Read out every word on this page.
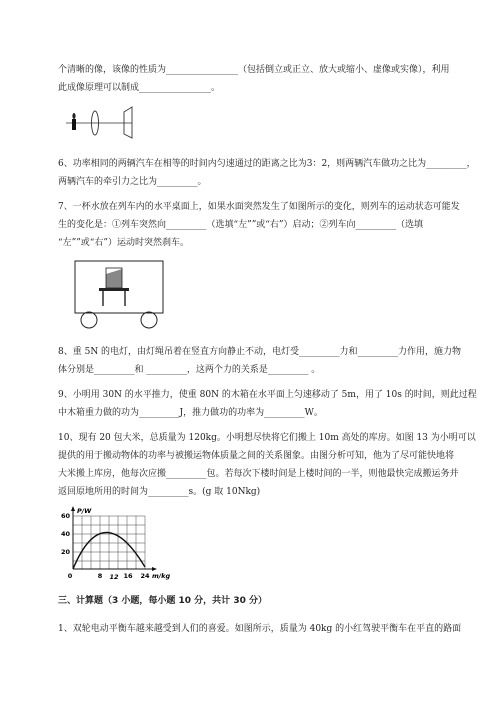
个清晰的像，该像的性质为________________（包括倒立或正立、放大或缩小、虚像或实像），利用
此成像原理可以制成________________。
6、功率相同的两辆汽车在相等的时间内匀速通过的距离之比为3：2，则两辆汽车做功之比为_________，
两辆汽车的牵引力之比为_________。
7、一杯水放在列车内的水平桌面上，如果水面突然发生了如图所示的变化，则列车的运动状态可能发
生的变化是：①列车突然向_________（选填“左””或“右”）启动；②列车向_________（选填
“左””或“右”）运动时突然刹车。
8、重 5N 的电灯，由灯绳吊着在竖直方向静止不动，电灯受_________力和_________力作用，施力物
体分别是_________和 _________，这两个力的关系是_________ 。
9、小明用 30N 的水平推力，使重 80N 的木箱在水平面上匀速移动了 5m，用了 10s 的时间，则此过程
中木箱重力做的功为_________J，推力做功的功率为_________W。
10、现有 20 包大米，总质量为 120kg。小明想尽快将它们搬上 10m 高处的库房。如图 13 为小明可以
提供的用于搬动物体的功率与被搬运物体质量之间的关系图象。由图分析可知，他为了尽可能快地将
大米搬上库房，他每次应搬_________包。若每次下楼时间是上楼时间的一半，则他最快完成搬运务并
返回原地所用的时间为_________s。(g 取 10Nkg)
P/W
60
40
20
0	8 12 16 24 m/kg
三、计算题（3 小题，每小题 10 分，共计 30 分）
1、双轮电动平衡车越来越受到人们的喜爱。如图所示，质量为 40kg 的小红驾驶平衡车在平直的路面
